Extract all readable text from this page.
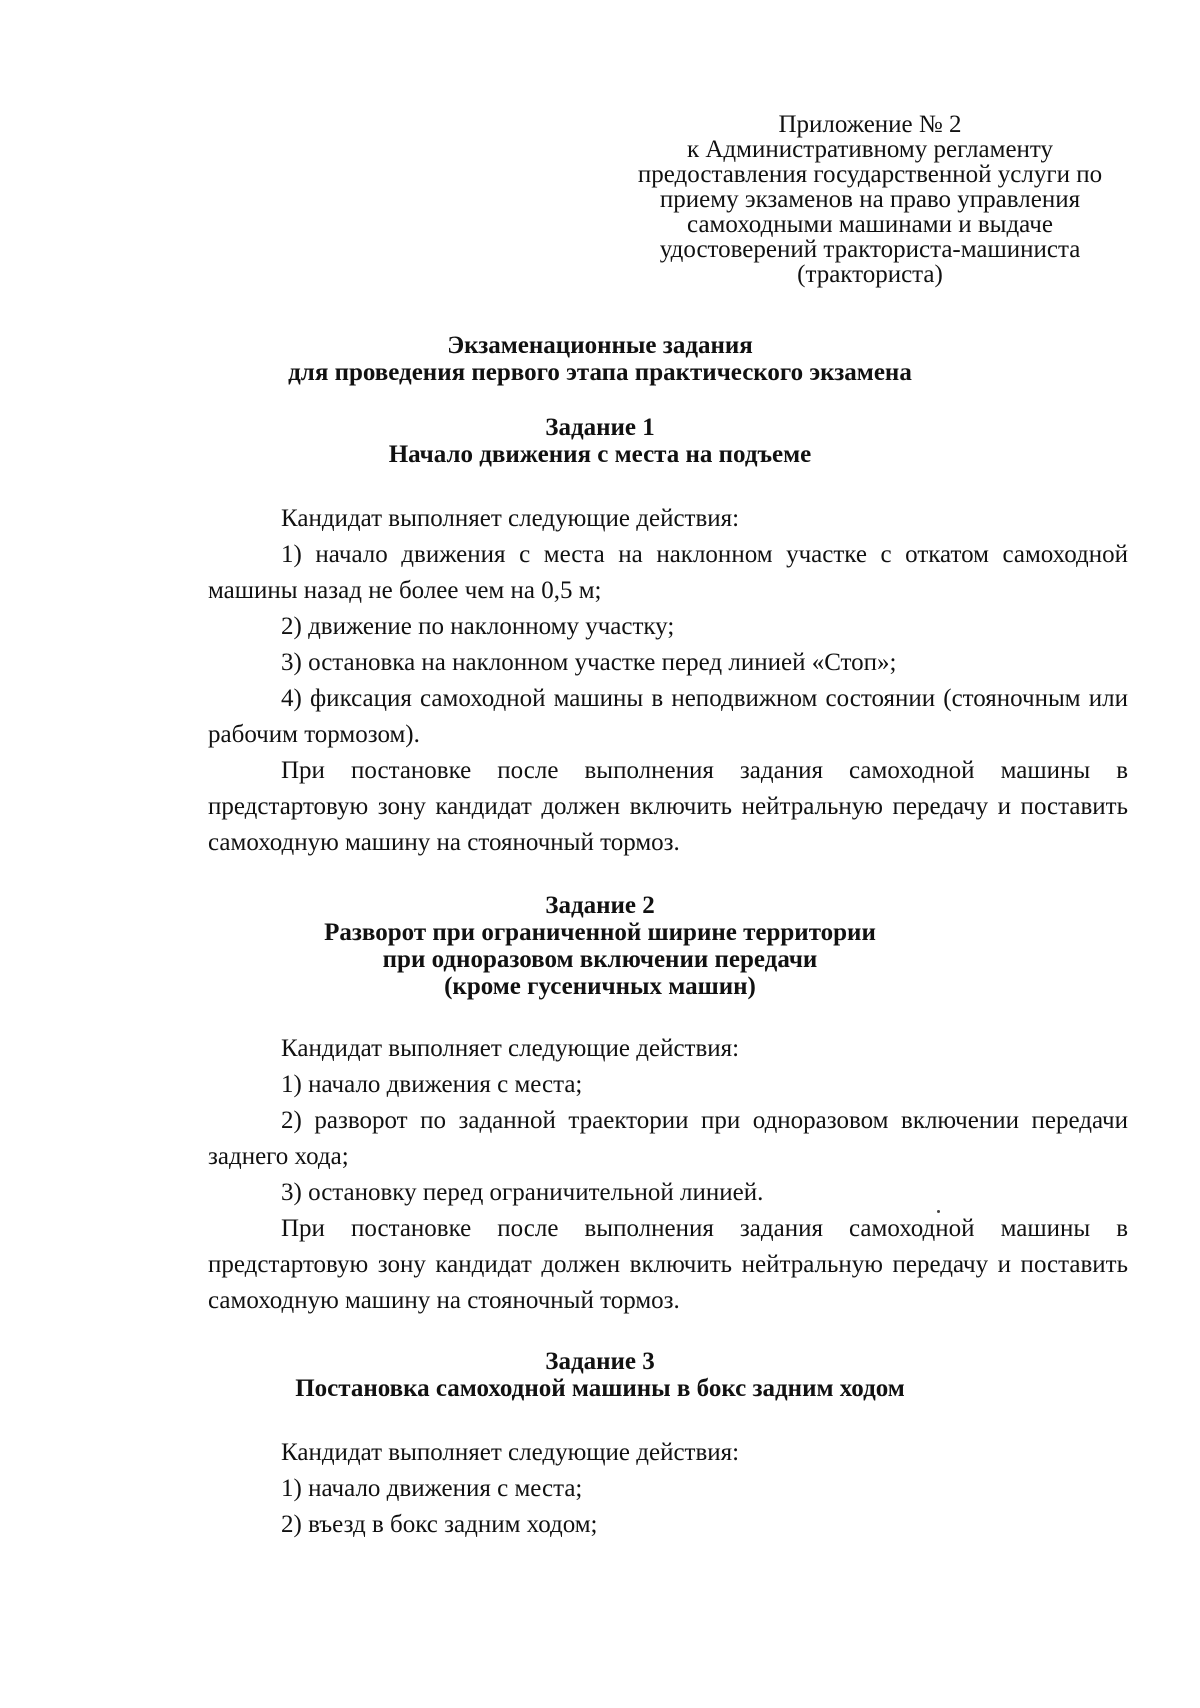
Приложение № 2
к Административному регламенту
предоставления государственной услуги по
приему экзаменов на право управления
самоходными машинами и выдаче
удостоверений тракториста-машиниста
(тракториста)
Экзаменационные задания
для проведения первого этапа практического экзамена
Задание 1
Начало движения с места на подъеме

Кандидат выполняет следующие действия:

1) начало движения с места на наклонном участке с откатом самоходной машины назад не более чем на 0,5 м;

2) движение по наклонному участку;

3) остановка на наклонном участке перед линией «Стоп»;

4) фиксация самоходной машины в неподвижном состоянии (стояночным или рабочим тормозом).

При постановке после выполнения задания самоходной машины в предстартовую зону кандидат должен включить нейтральную передачу и поставить самоходную машину на стояночный тормоз.

Задание 2
Разворот при ограниченной ширине территории
при одноразовом включении передачи
(кроме гусеничных машин)

Кандидат выполняет следующие действия:

1) начало движения с места;

2) разворот по заданной траектории при одноразовом включении передачи заднего хода;

3) остановку перед ограничительной линией.

При постановке после выполнения задания самоходной машины в предстартовую зону кандидат должен включить нейтральную передачу и поставить самоходную машину на стояночный тормоз.

Задание 3
Постановка самоходной машины в бокс задним ходом

Кандидат выполняет следующие действия:

1) начало движения с места;

2) въезд в бокс задним ходом;
